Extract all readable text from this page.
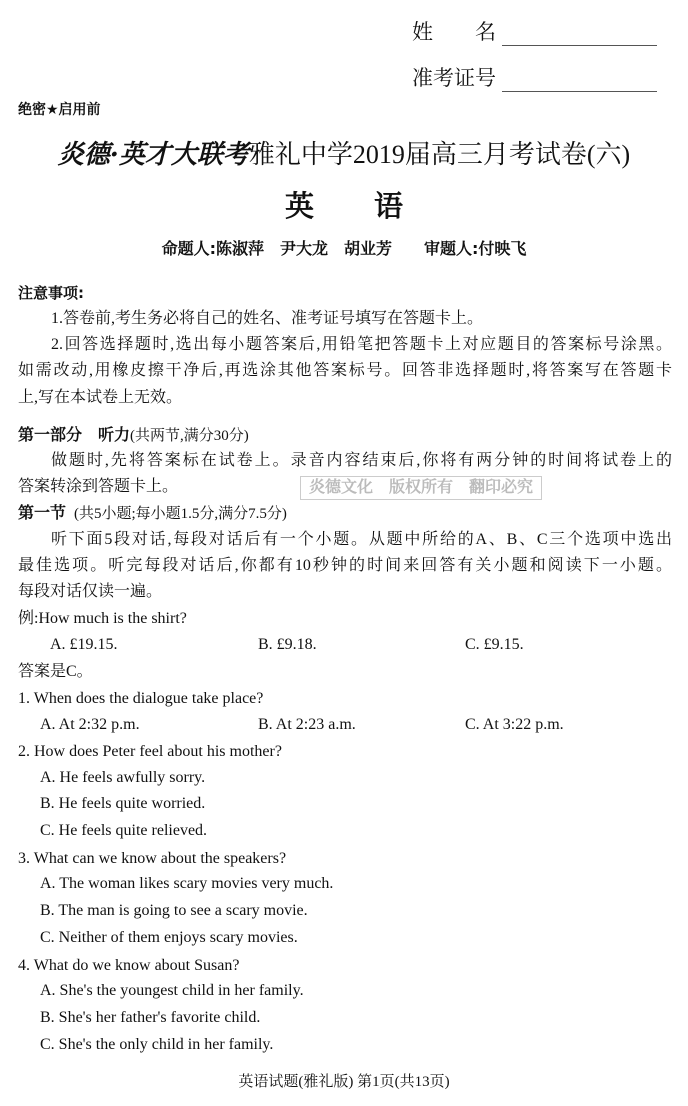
姓　　名
准考证号
绝密★启用前
炎德·英才大联考雅礼中学2019届高三月考试卷(六)
英语
命题人:陈淑萍　尹大龙　胡业芳　　审题人:付映飞
注意事项:
1.答卷前,考生务必将自己的姓名、准考证号填写在答题卡上。
2.回答选择题时,选出每小题答案后,用铅笔把答题卡上对应题目的答案标号涂黑。
如需改动,用橡皮擦干净后,再选涂其他答案标号。回答非选择题时,将答案写在答题卡
上,写在本试卷上无效。
第一部分　听力(共两节,满分30分)
做题时,先将答案标在试卷上。录音内容结束后,你将有两分钟的时间将试卷上的
答案转涂到答题卡上。	炎德文化 版权所有 翻印必究
第一节 (共5小题;每小题1.5分,满分7.5分)
听下面5段对话,每段对话后有一个小题。从题中所给的A、B、C三个选项中选出
最佳选项。听完每段对话后,你都有10秒钟的时间来回答有关小题和阅读下一小题。
每段对话仅读一遍。
例:How much is the shirt?
A. £19.15.	B. £9.18.	C. £9.15.
答案是C。
1. When does the dialogue take place?
A. At 2:32 p.m.	B. At 2:23 a.m.	C. At 3:22 p.m.
2. How does Peter feel about his mother?
A. He feels awfully sorry.
B. He feels quite worried.
C. He feels quite relieved.
3. What can we know about the speakers?
A. The woman likes scary movies very much.
B. The man is going to see a scary movie.
C. Neither of them enjoys scary movies.
4. What do we know about Susan?
A. She's the youngest child in her family.
B. She's her father's favorite child.
C. She's the only child in her family.
英语试题(雅礼版) 第1页(共13页)
